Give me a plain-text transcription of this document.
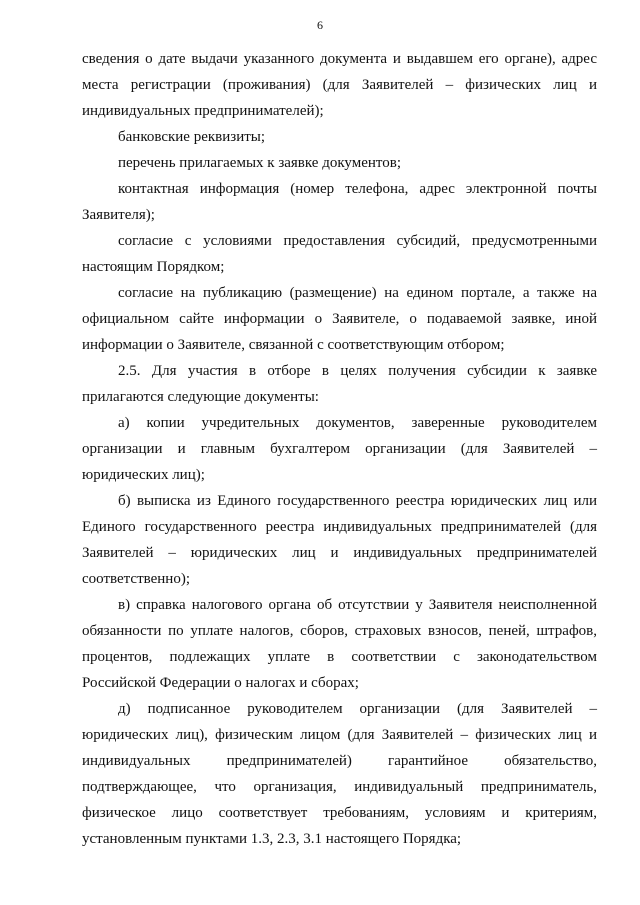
6
сведения о дате выдачи указанного документа и выдавшем его органе), адрес
места регистрации (проживания) (для Заявителей – физических лиц и
индивидуальных предпринимателей);
банковские реквизиты;
перечень прилагаемых к заявке документов;
контактная информация (номер телефона, адрес электронной почты
Заявителя);
согласие с условиями предоставления субсидий, предусмотренными
настоящим Порядком;
согласие на публикацию (размещение) на едином портале, а также на
официальном сайте информации о Заявителе, о подаваемой заявке, иной
информации о Заявителе, связанной с соответствующим отбором;
2.5. Для участия в отборе в целях получения субсидии к заявке
прилагаются следующие документы:
а) копии учредительных документов, заверенные руководителем
организации и главным бухгалтером организации (для Заявителей –
юридических лиц);
б) выписка из Единого государственного реестра юридических лиц или
Единого государственного реестра индивидуальных предпринимателей (для
Заявителей – юридических лиц и индивидуальных предпринимателей
соответственно);
в) справка налогового органа об отсутствии у Заявителя неисполненной
обязанности по уплате налогов, сборов, страховых взносов, пеней, штрафов,
процентов, подлежащих уплате в соответствии с законодательством
Российской Федерации о налогах и сборах;
д) подписанное руководителем организации (для Заявителей –
юридических лиц), физическим лицом (для Заявителей – физических лиц и
индивидуальных предпринимателей) гарантийное обязательство,
подтверждающее, что организация, индивидуальный предприниматель,
физическое лицо соответствует требованиям, условиям и критериям,
установленным пунктами 1.3, 2.3, 3.1 настоящего Порядка;
